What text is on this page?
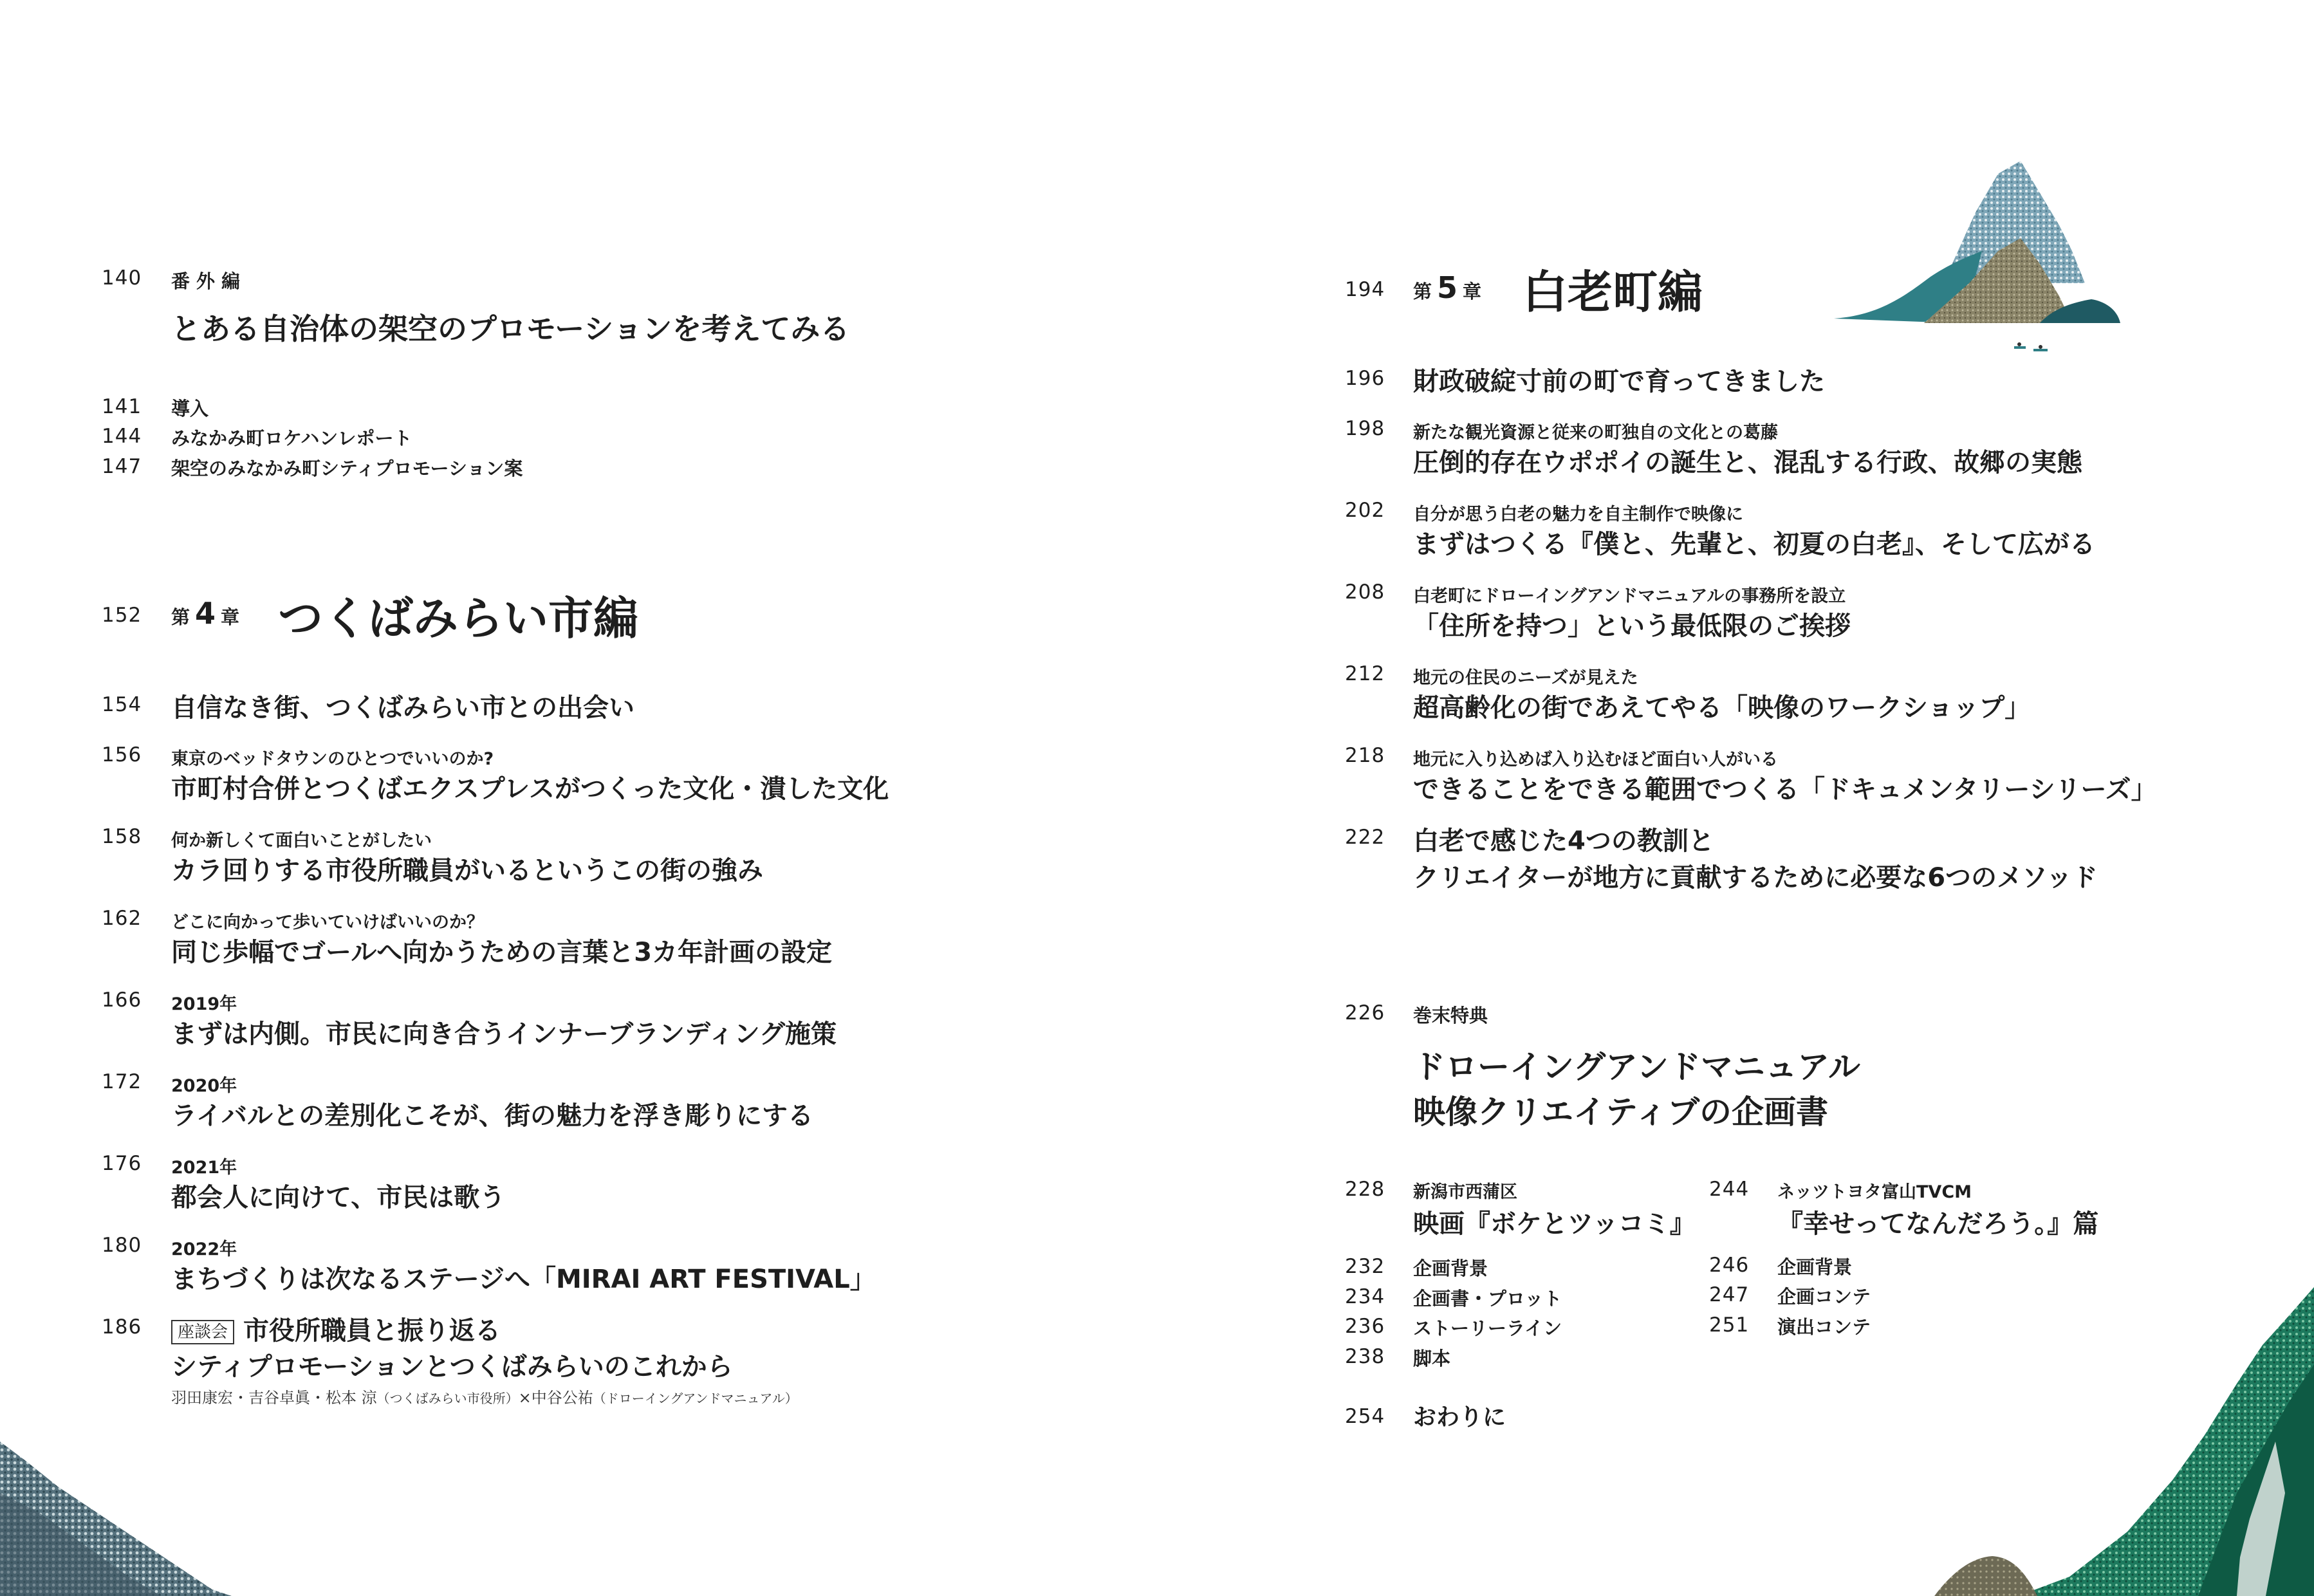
140 番外編
とある自治体の架空のプロモーションを考えてみる
141 導入
144 みなかみ町ロケハンレポート
147 架空のみなかみ町シティプロモーション案
152 第 4 章 つくばみらい市編
154 自信なき街、つくばみらい市との出会い
156 東京のベッドタウンのひとつでいいのか?
市町村合併とつくばエクスプレスがつくった文化・潰した文化
158 何か新しくて面白いことがしたい
カラ回りする市役所職員がいるというこの街の強み
162 どこに向かって歩いていけばいいのか？
同じ歩幅でゴールへ向かうための言葉と3カ年計画の設定
166 2019年
まずは内側。市民に向き合うインナーブランディング施策
172 2020年
ライバルとの差別化こそが、街の魅力を浮き彫りにする
176 2021年
都会人に向けて、市民は歌う
180 2022年
まちづくりは次なるステージへ「MIRAI ART FESTIVAL」
186	座談会 市役所職員と振り返る
シティプロモーションとつくばみらいのこれから
羽田康宏・吉谷卓眞・松本 涼（つくばみらい市役所）×中谷公祐（ドローイングアンドマニュアル）
194 第 5 章 白老町編
196 財政破綻寸前の町で育ってきました
198 新たな観光資源と従来の町独自の文化との葛藤
圧倒的存在ウポポイの誕生と、混乱する行政、故郷の実態
202 自分が思う白老の魅力を自主制作で映像に
まずはつくる『僕と、先輩と、初夏の白老』、そして広がる
208 白老町にドローイングアンドマニュアルの事務所を設立
「住所を持つ」という最低限のご挨拶
212 地元の住民のニーズが見えた
超高齢化の街であえてやる「映像のワークショップ」
218 地元に入り込めば入り込むほど面白い人がいる
できることをできる範囲でつくる「ドキュメンタリーシリーズ」
222 白老で感じた4つの教訓と
クリエイターが地方に貢献するために必要な6つのメソッド
226 巻末特典
ドローイングアンドマニュアル
映像クリエイティブの企画書
228 新潟市西蒲区
映画『ボケとツッコミ』
232 企画背景
234 企画書・プロット
236 ストーリーライン
238 脚本
244 ネッツトヨタ富山TVCM
『幸せってなんだろう。』篇
246 企画背景
247 企画コンテ
251 演出コンテ
254 おわりに
